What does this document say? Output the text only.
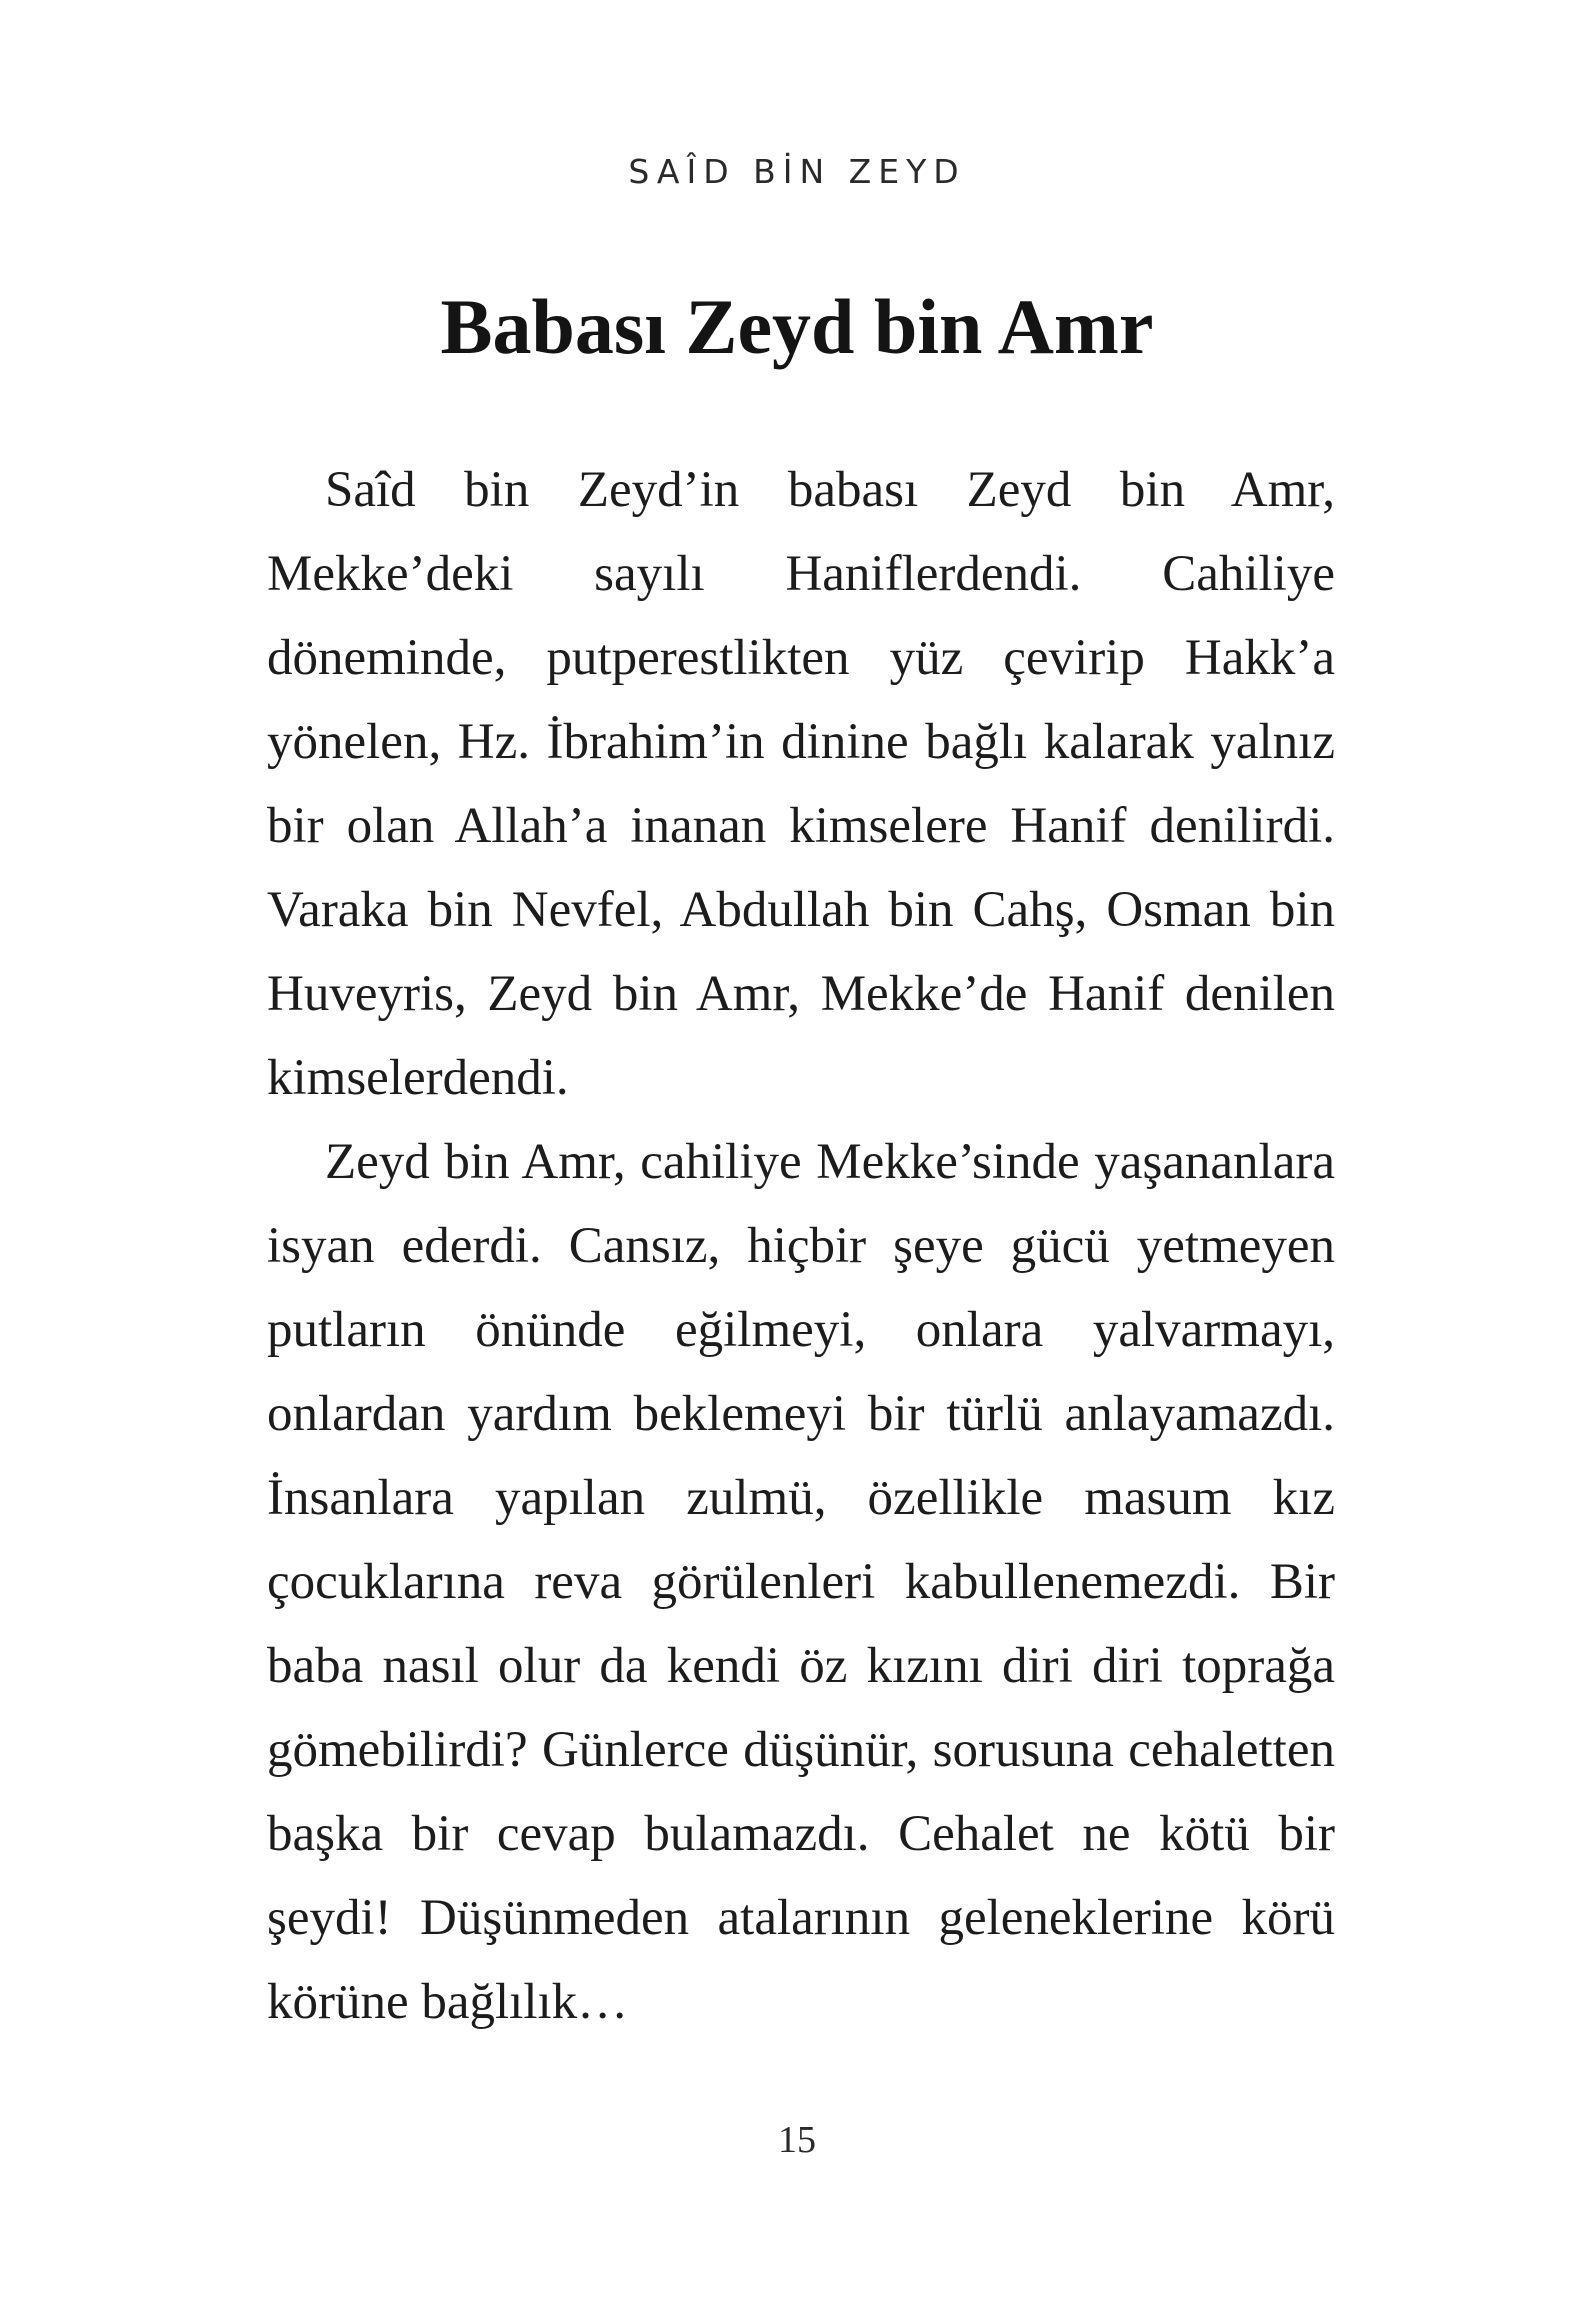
SAÎD BİN ZEYD
Babası Zeyd bin Amr

Saîd bin Zeyd’in babası Zeyd bin Amr, Mekke’deki sayılı Haniflerdendi. Cahiliye döneminde, putperestlikten yüz çevirip Hakk’a yönelen, Hz. İbrahim’in dinine bağlı kalarak yalnız bir olan Allah’a inanan kimselere Hanif denilirdi. Varaka bin Nevfel, Abdullah bin Cahş, Osman bin Huveyris, Zeyd bin Amr, Mekke’de Hanif denilen kimselerdendi.

Zeyd bin Amr, cahiliye Mekke’sinde yaşananlara isyan ederdi. Cansız, hiçbir şeye gücü yetmeyen putların önünde eğilmeyi, onlara yalvarmayı, onlardan yardım beklemeyi bir türlü anlayamazdı. İnsanlara yapılan zulmü, özellikle masum kız çocuklarına reva görülenleri kabullenemezdi. Bir baba nasıl olur da kendi öz kızını diri diri toprağa gömebilirdi? Günlerce düşünür, sorusuna cehaletten başka bir cevap bulamazdı. Cehalet ne kötü bir şeydi! Düşünmeden atalarının geleneklerine körü körüne bağlılık…

15
